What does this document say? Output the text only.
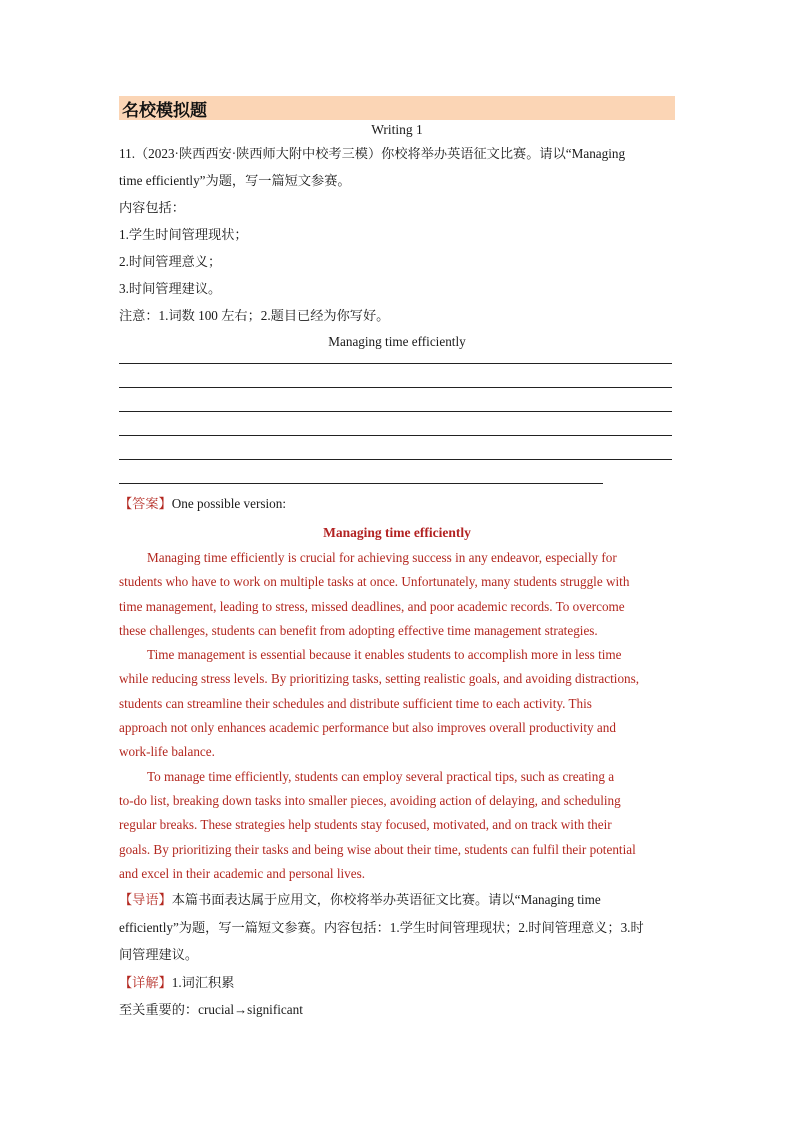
名校模拟题
Writing 1
11.（2023·陕西西安·陕西师大附中校考三模）你校将举办英语征文比赛。请以“Managing
time efficiently”为题，写一篇短文参赛。
内容包括：
1.学生时间管理现状；
2.时间管理意义；
3.时间管理建议。
注意：1.词数 100 左右；2.题目已经为你写好。
Managing time efficiently
【答案】One possible version:
Managing time efficiently
Managing time efficiently is crucial for achieving success in any endeavor, especially for
students who have to work on multiple tasks at once. Unfortunately, many students struggle with
time management, leading to stress, missed deadlines, and poor academic records. To overcome
these challenges, students can benefit from adopting effective time management strategies.
Time management is essential because it enables students to accomplish more in less time
while reducing stress levels. By prioritizing tasks, setting realistic goals, and avoiding distractions,
students can streamline their schedules and distribute sufficient time to each activity. This
approach not only enhances academic performance but also improves overall productivity and
work-life balance.
To manage time efficiently, students can employ several practical tips, such as creating a
to-do list, breaking down tasks into smaller pieces, avoiding action of delaying, and scheduling
regular breaks. These strategies help students stay focused, motivated, and on track with their
goals. By prioritizing their tasks and being wise about their time, students can fulfil their potential
and excel in their academic and personal lives.
【导语】本篇书面表达属于应用文，你校将举办英语征文比赛。请以“Managing time
efficiently”为题，写一篇短文参赛。内容包括：1.学生时间管理现状；2.时间管理意义；3.时
间管理建议。
【详解】1.词汇积累
至关重要的：crucial→significant
